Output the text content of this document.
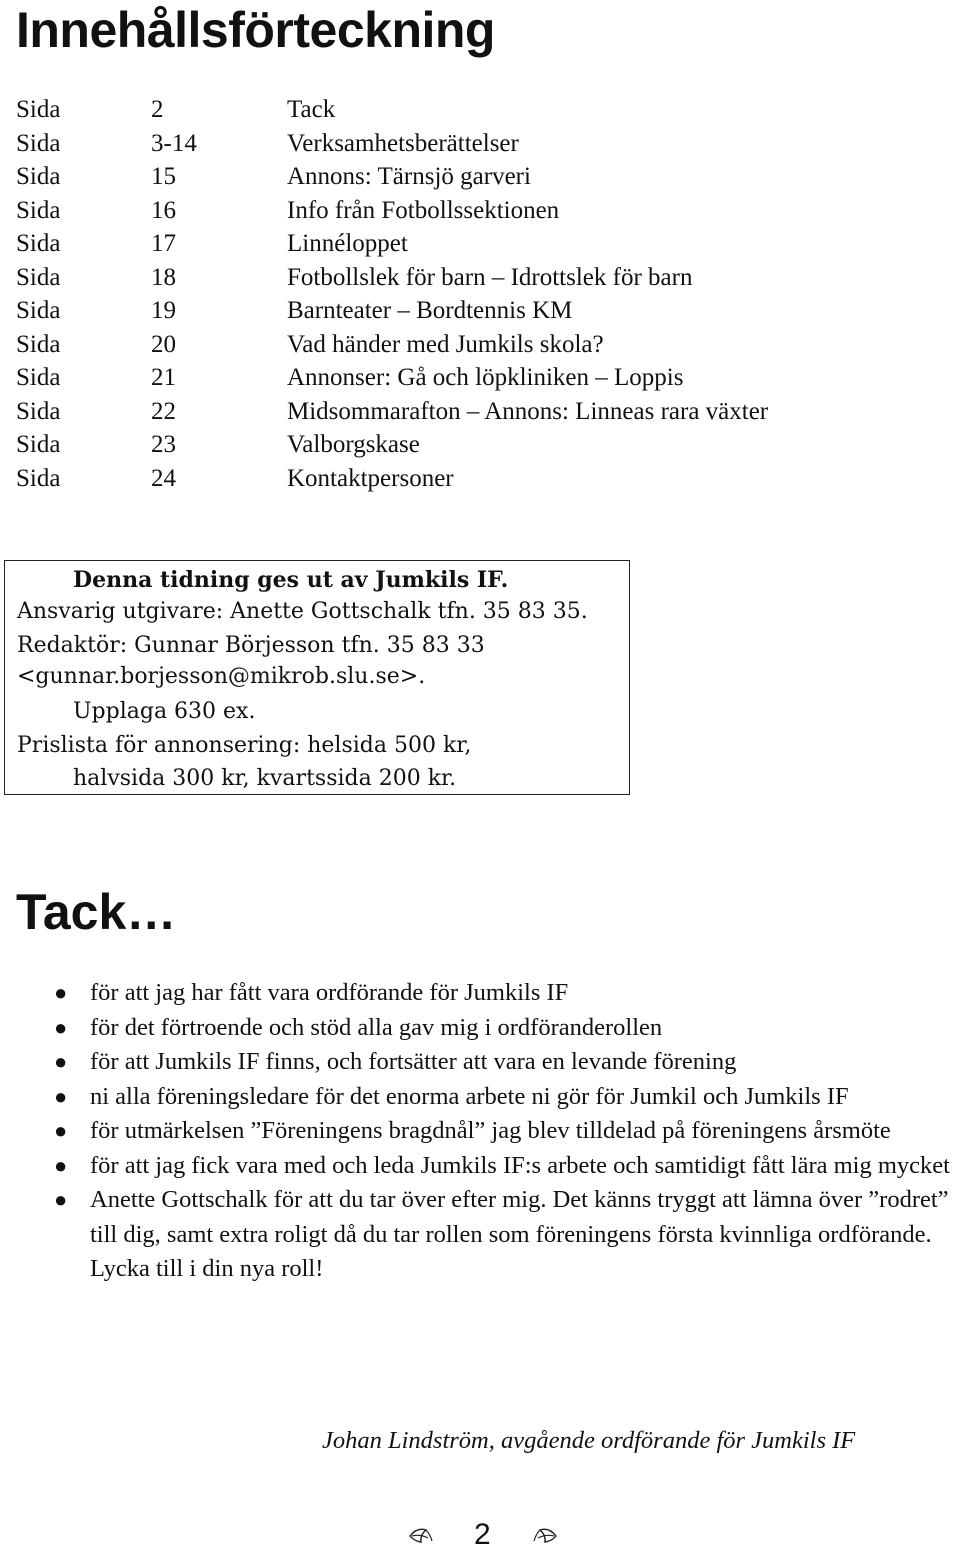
Innehållsförteckning
Sida	2	Tack
Sida	3-14	Verksamhetsberättelser
Sida	15	Annons: Tärnsjö garveri
Sida	16	Info från Fotbollssektionen
Sida	17	Linnéloppet
Sida	18	Fotbollslek för barn – Idrottslek för barn
Sida	19	Barnteater – Bordtennis KM
Sida	20	Vad händer med Jumkils skola?
Sida	21	Annonser: Gå och löpkliniken – Loppis
Sida	22	Midsommarafton – Annons: Linneas rara växter
Sida	23	Valborgskase
Sida	24	Kontaktpersoner
Denna tidning ges ut av Jumkils IF.
Ansvarig utgivare: Anette Gottschalk tfn. 35 83 35.
Redaktör: Gunnar Börjesson tfn. 35 83 33
<gunnar.borjesson@mikrob.slu.se>.
Upplaga 630 ex.
Prislista för annonsering: helsida 500 kr,
halvsida 300 kr, kvartssida 200 kr.
Tack…
● för att jag har fått vara ordförande för Jumkils IF
● för det förtroende och stöd alla gav mig i ordföranderollen
● för att Jumkils IF finns, och fortsätter att vara en levande förening
● ni alla föreningsledare för det enorma arbete ni gör för Jumkil och Jumkils IF
● för utmärkelsen ”Föreningens bragdnål” jag blev tilldelad på föreningens årsmöte
● för att jag fick vara med och leda Jumkils IF:s arbete och samtidigt fått lära mig mycket
● Anette Gottschalk för att du tar över efter mig. Det känns tryggt att lämna över ”rodret” till dig, samt extra roligt då du tar rollen som föreningens första kvinnliga ordförande. Lycka till i din nya roll!
Johan Lindström, avgående ordförande för Jumkils IF
2
